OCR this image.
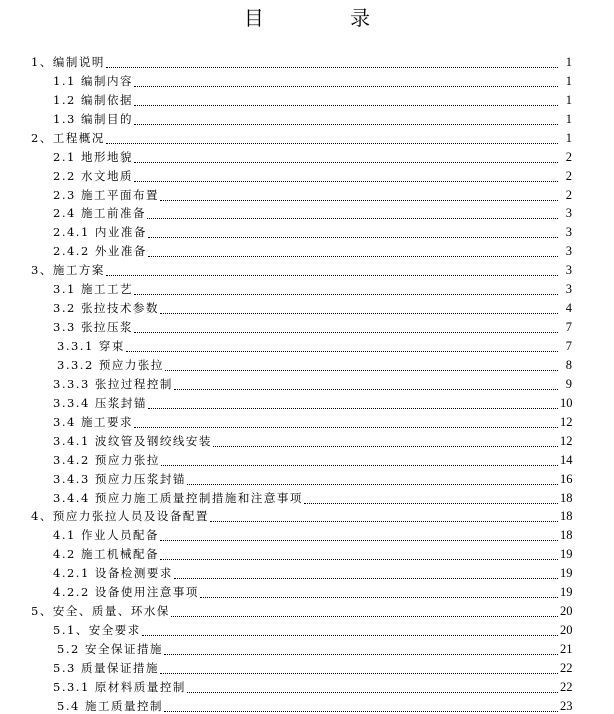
目 录
1、编制说明	1
1.1 编制内容	1
1.2 编制依据	1
1.3 编制目的	1
2、工程概况	1
2.1 地形地貌	2
2.2 水文地质	2
2.3 施工平面布置	2
2.4 施工前准备	3
2.4.1 内业准备	3
2.4.2 外业准备	3
3、施工方案	3
3.1 施工工艺	3
3.2 张拉技术参数	4
3.3 张拉压浆	7
3.3.1 穿束	7
3.3.2 预应力张拉	8
3.3.3 张拉过程控制	9
3.3.4 压浆封锚	10
3.4 施工要求	12
3.4.1 波纹管及钢绞线安装	12
3.4.2 预应力张拉	14
3.4.3 预应力压浆封锚	16
3.4.4 预应力施工质量控制措施和注意事项	18
4、预应力张拉人员及设备配置	18
4.1 作业人员配备	18
4.2 施工机械配备	19
4.2.1 设备检测要求	19
4.2.2 设备使用注意事项	19
5、安全、质量、环水保	20
5.1、安全要求	20
5.2 安全保证措施	21
5.3 质量保证措施	22
5.3.1 原材料质量控制	22
5.4 施工质量控制	23
